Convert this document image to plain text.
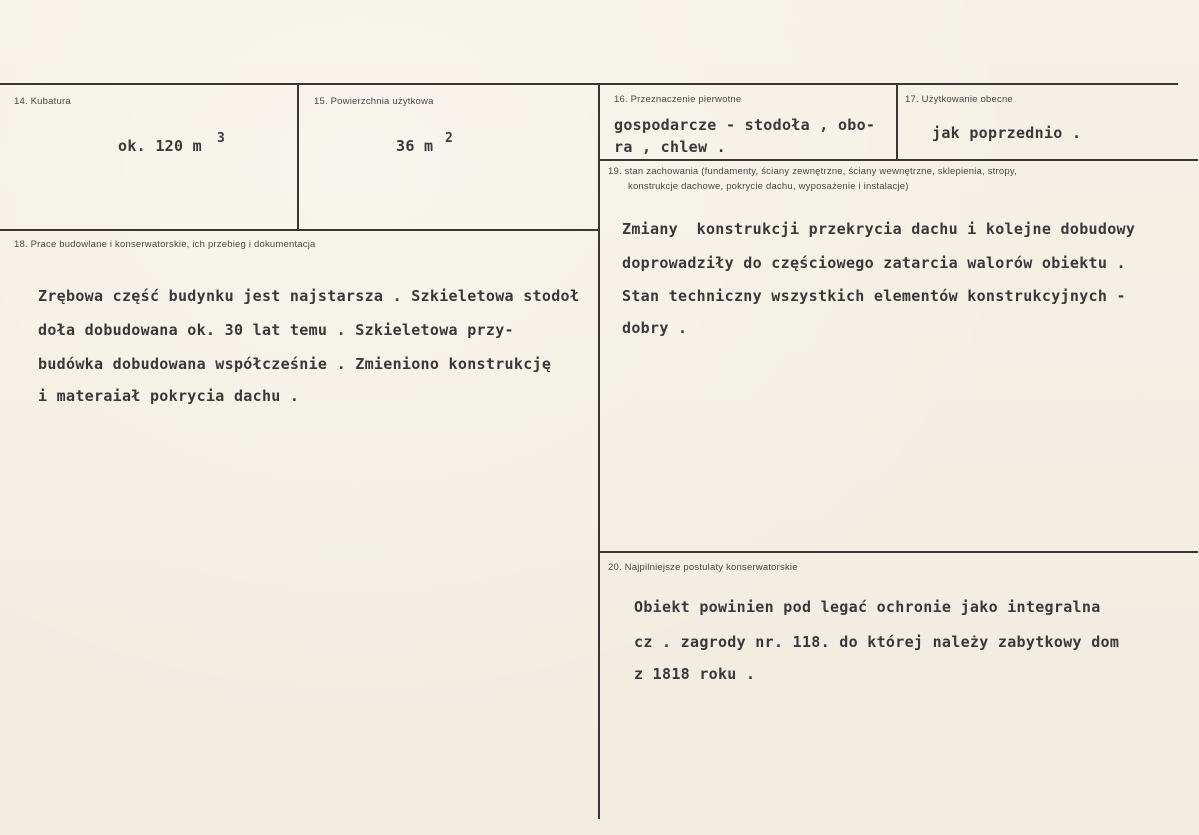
14. Kubatura
ok. 120 m 3
15. Powierzchnia użytkowa
36 m 2
16. Przeznaczenie pierwotne
gospodarcze - stodoła , obo-
ra , chlew .
17. Użytkowanie obecne
jak poprzednio .
18. Prace budowlane i konserwatorskie, ich przebieg i dokumentacja
Zrębowa część budynku jest najstarsza . Szkieletowa stodoł
doła dobudowana ok. 30 lat temu . Szkieletowa przy-
budówka dobudowana współcześnie . Zmieniono konstrukcję
i materaiał pokrycia dachu .
19. stan zachowania (fundamenty, ściany zewnętrzne, ściany wewnętrzne, sklepienia, stropy,
konstrukcje dachowe, pokrycie dachu, wyposażenie i instalacje)
Zmiany  konstrukcji przekrycia dachu i kolejne dobudowy
doprowadziły do częściowego zatarcia walorów obiektu .
Stan techniczny wszystkich elementów konstrukcyjnych -
dobry .
20. Najpilniejsze postulaty konserwatorskie
Obiekt powinien pod legać ochronie jako integralna
cz . zagrody nr. 118. do której należy zabytkowy dom
z 1818 roku .
